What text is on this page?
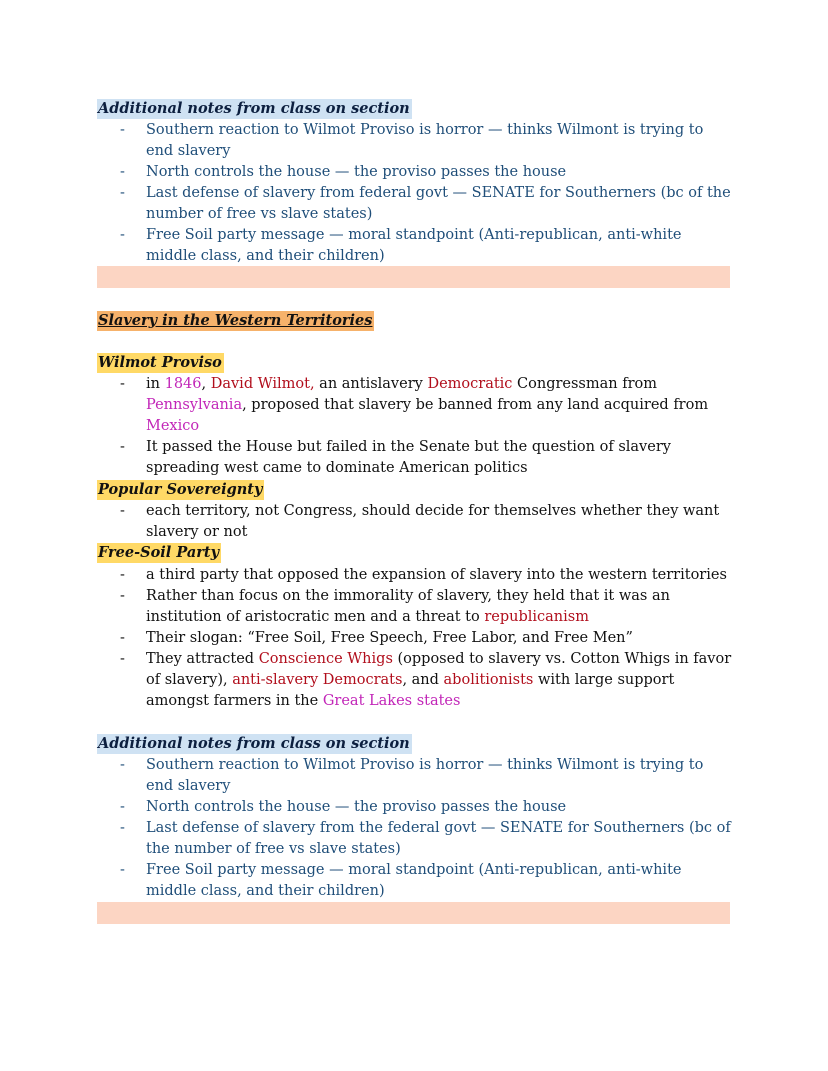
Additional notes from class on section
- Southern reaction to Wilmot Proviso is horror — thinks Wilmont is trying to end slavery
- North controls the house — the proviso passes the house
- Last defense of slavery from federal govt — SENATE for Southerners (bc of the number of free vs slave states)
- Free Soil party message — moral standpoint (Anti-republican, anti-white middle class, and their children)
Slavery in the Western Territories
Wilmot Proviso
- in 1846, David Wilmot, an antislavery Democratic Congressman from Pennsylvania, proposed that slavery be banned from any land acquired from Mexico
- It passed the House but failed in the Senate but the question of slavery spreading west came to dominate American politics
Popular Sovereignty
- each territory, not Congress, should decide for themselves whether they want slavery or not
Free-Soil Party
- a third party that opposed the expansion of slavery into the western territories
- Rather than focus on the immorality of slavery, they held that it was an institution of aristocratic men and a threat to republicanism
- Their slogan: “Free Soil, Free Speech, Free Labor, and Free Men”
- They attracted Conscience Whigs (opposed to slavery vs. Cotton Whigs in favor of slavery), anti-slavery Democrats, and abolitionists with large support amongst farmers in the Great Lakes states
Additional notes from class on section
- Southern reaction to Wilmot Proviso is horror — thinks Wilmont is trying to end slavery
- North controls the house — the proviso passes the house
- Last defense of slavery from the federal govt — SENATE for Southerners (bc of the number of free vs slave states)
- Free Soil party message — moral standpoint (Anti-republican, anti-white middle class, and their children)
